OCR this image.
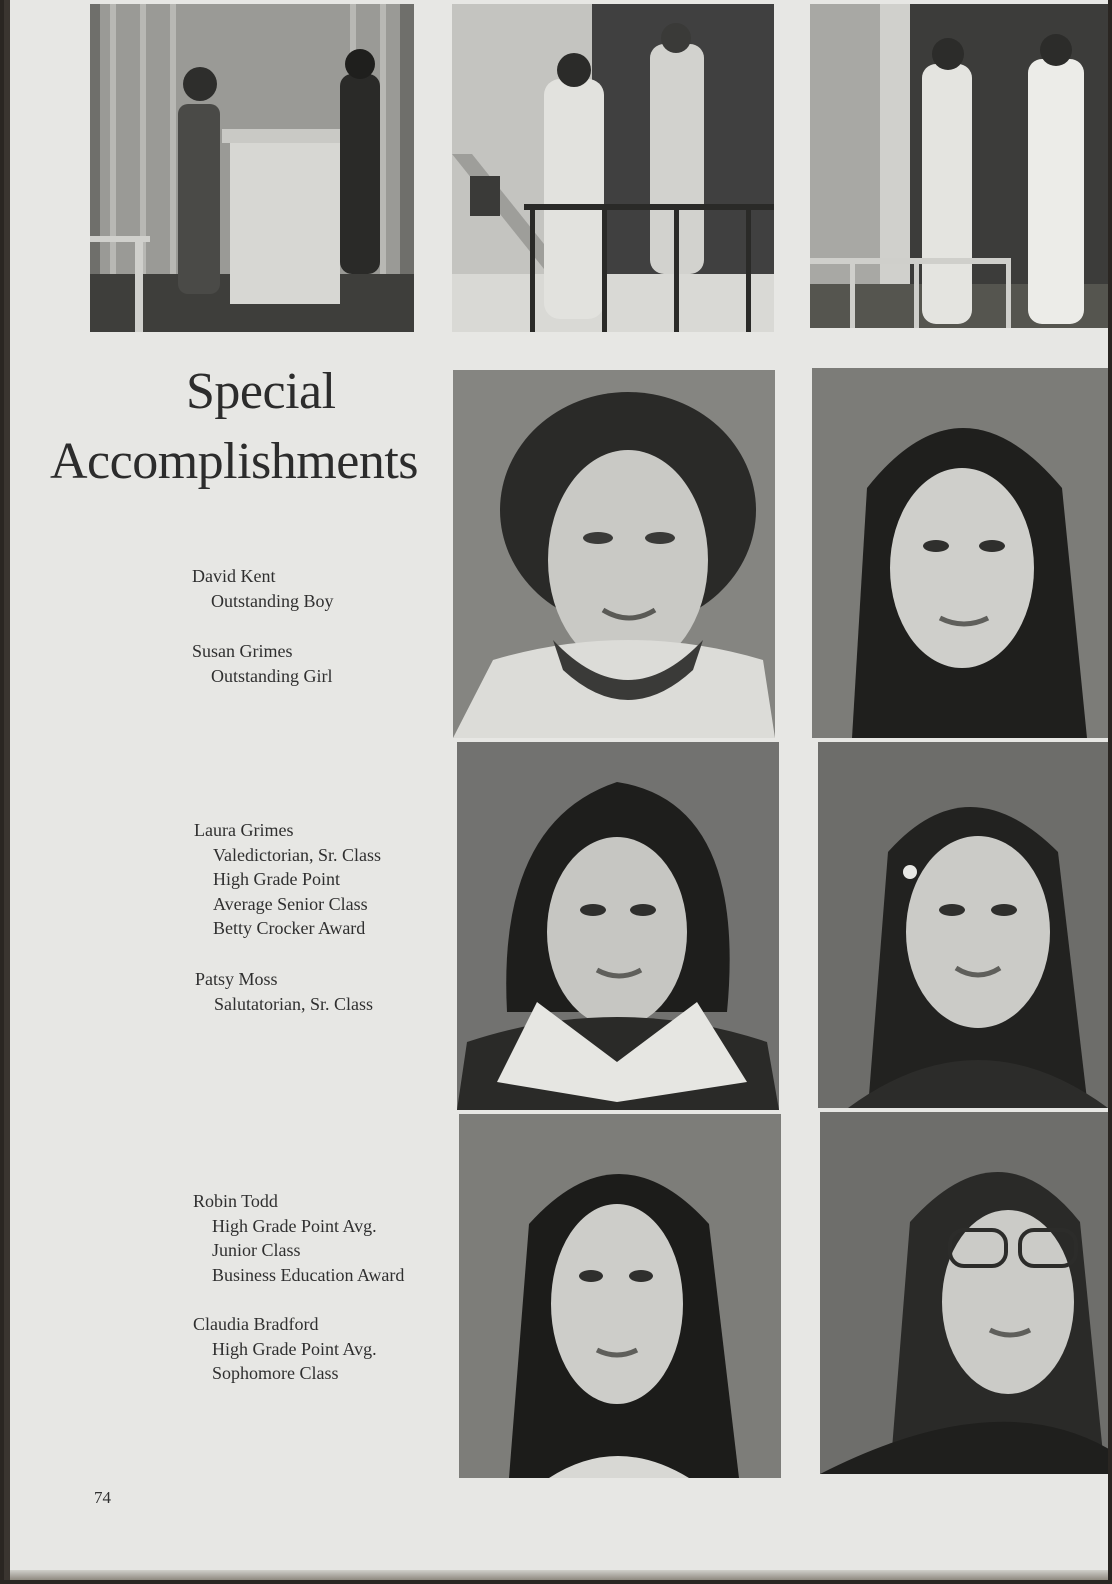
Special
Accomplishments
David Kent
Outstanding Boy
Susan Grimes
Outstanding Girl
Laura Grimes
Valedictorian, Sr. Class
High Grade Point
Average Senior Class
Betty Crocker Award
Patsy Moss
Salutatorian, Sr. Class
Robin Todd
High Grade Point Avg.
Junior Class
Business Education Award
Claudia Bradford
High Grade Point Avg.
Sophomore Class
74
